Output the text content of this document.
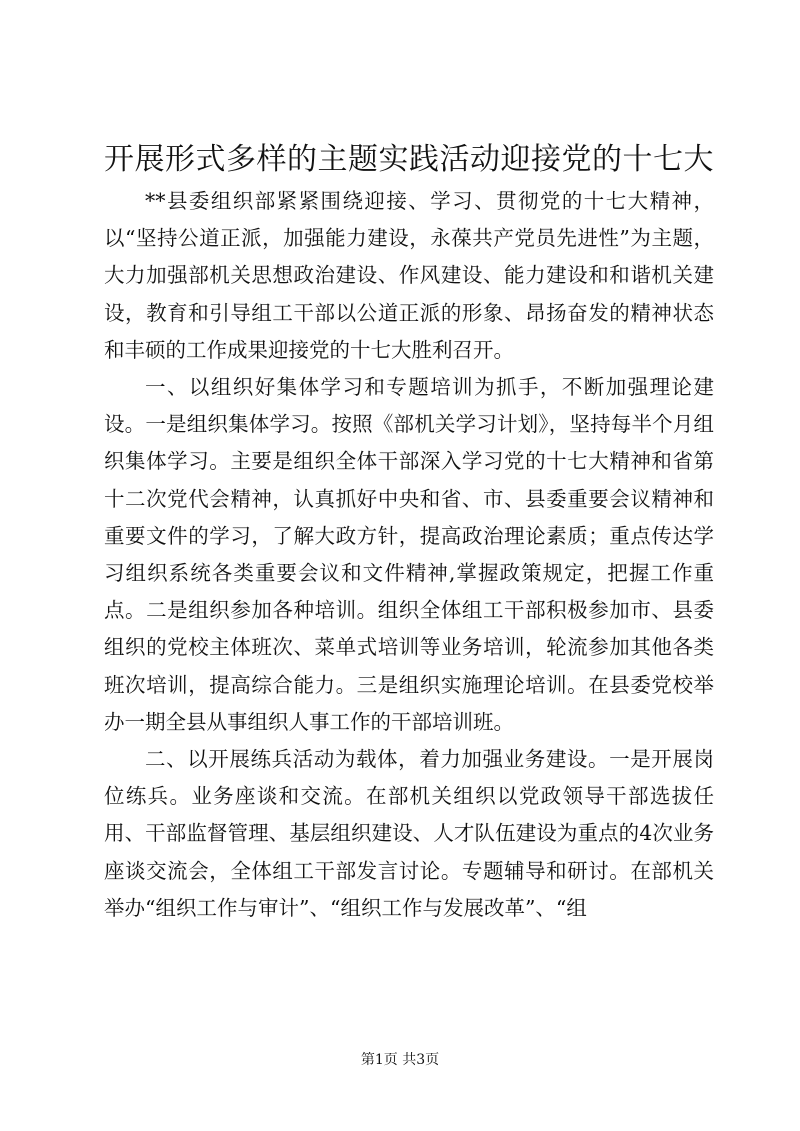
开展形式多样的主题实践活动迎接党的十七大

**县委组织部紧紧围绕迎接、学习、贯彻党的十七大精神，以“坚持公道正派，加强能力建设，永葆共产党员先进性”为主题，大力加强部机关思想政治建设、作风建设、能力建设和和谐机关建设，教育和引导组工干部以公道正派的形象、昂扬奋发的精神状态和丰硕的工作成果迎接党的十七大胜利召开。

一、以组织好集体学习和专题培训为抓手，不断加强理论建设。一是组织集体学习。按照《部机关学习计划》，坚持每半个月组织集体学习。主要是组织全体干部深入学习党的十七大精神和省第十二次党代会精神，认真抓好中央和省、市、县委重要会议精神和重要文件的学习，了解大政方针，提高政治理论素质；重点传达学习组织系统各类重要会议和文件精神,掌握政策规定，把握工作重点。二是组织参加各种培训。组织全体组工干部积极参加市、县委组织的党校主体班次、菜单式培训等业务培训，轮流参加其他各类班次培训，提高综合能力。三是组织实施理论培训。在县委党校举办一期全县从事组织人事工作的干部培训班。

二、以开展练兵活动为载体，着力加强业务建设。一是开展岗位练兵。业务座谈和交流。在部机关组织以党政领导干部选拔任用、干部监督管理、基层组织建设、人才队伍建设为重点的4次业务座谈交流会，全体组工干部发言讨论。专题辅导和研讨。在部机关举办“组织工作与审计”、“组织工作与发展改革”、“组

第1页 共3页
